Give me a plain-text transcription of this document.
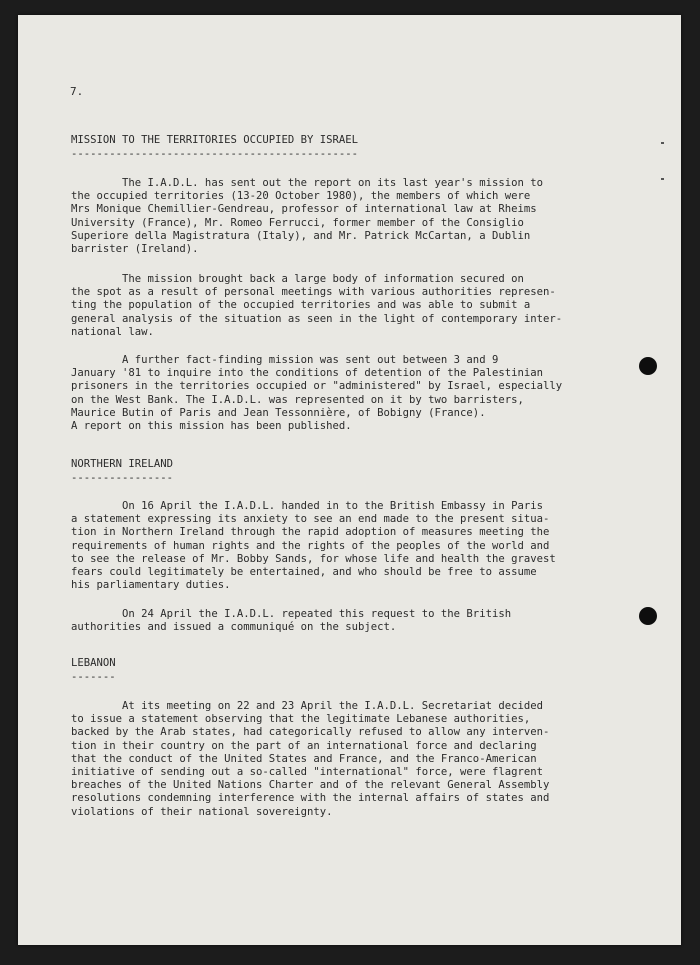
7.
MISSION TO THE TERRITORIES OCCUPIED BY ISRAEL
---------------------------------------------
The I.A.D.L. has sent out the report on its last year's mission to
the occupied territories (13-20 October 1980), the members of which were
Mrs Monique Chemillier-Gendreau, professor of international law at Rheims
University (France), Mr. Romeo Ferrucci, former member of the Consiglio
Superiore della Magistratura (Italy), and Mr. Patrick McCartan, a Dublin
barrister (Ireland).
The mission brought back a large body of information secured on
the spot as a result of personal meetings with various authorities represen-
ting the population of the occupied territories and was able to submit a
general analysis of the situation as seen in the light of contemporary inter-
national law.
A further fact-finding mission was sent out between 3 and 9
January '81 to inquire into the conditions of detention of the Palestinian
prisoners in the territories occupied or "administered" by Israel, especially
on the West Bank. The I.A.D.L. was represented on it by two barristers,
Maurice Butin of Paris and Jean Tessonnière, of Bobigny (France).
A report on this mission has been published.
NORTHERN IRELAND
----------------
On 16 April the I.A.D.L. handed in to the British Embassy in Paris
a statement expressing its anxiety to see an end made to the present situa-
tion in Northern Ireland through the rapid adoption of measures meeting the
requirements of human rights and the rights of the peoples of the world and
to see the release of Mr. Bobby Sands, for whose life and health the gravest
fears could legitimately be entertained, and who should be free to assume
his parliamentary duties.
On 24 April the I.A.D.L. repeated this request to the British
authorities and issued a communiqué on the subject.
LEBANON
-------
At its meeting on 22 and 23 April the I.A.D.L. Secretariat decided
to issue a statement observing that the legitimate Lebanese authorities,
backed by the Arab states, had categorically refused to allow any interven-
tion in their country on the part of an international force and declaring
that the conduct of the United States and France, and the Franco-American
initiative of sending out a so-called "international" force, were flagrent
breaches of the United Nations Charter and of the relevant General Assembly
resolutions condemning interference with the internal affairs of states and
violations of their national sovereignty.
